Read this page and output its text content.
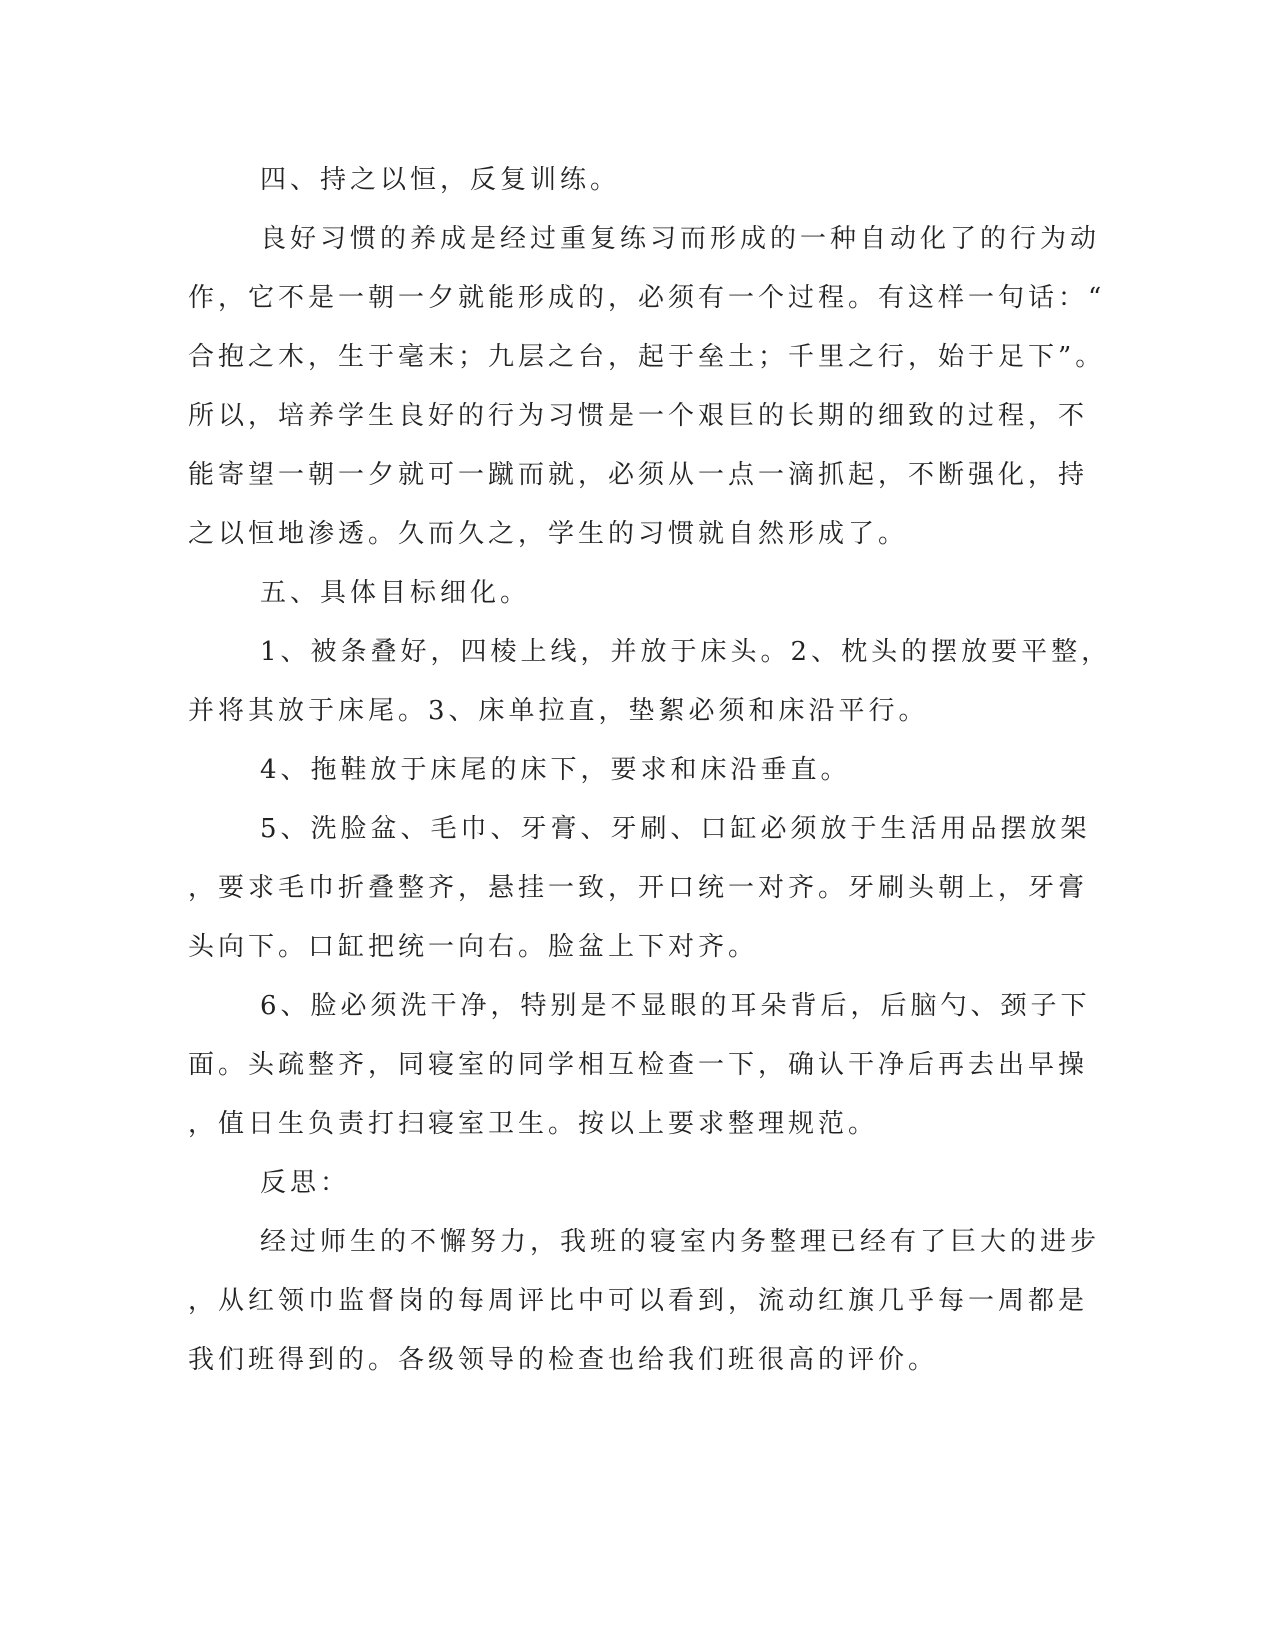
四、持之以恒，反复训练。
良好习惯的养成是经过重复练习而形成的一种自动化了的行为动
作，它不是一朝一夕就能形成的，必须有一个过程。有这样一句话：“
合抱之木，生于毫末；九层之台，起于垒土；千里之行，始于足下”。
所以，培养学生良好的行为习惯是一个艰巨的长期的细致的过程，不
能寄望一朝一夕就可一蹴而就，必须从一点一滴抓起，不断强化，持
之以恒地渗透。久而久之，学生的习惯就自然形成了。
五、具体目标细化。
1、被条叠好，四棱上线，并放于床头。2、枕头的摆放要平整，
并将其放于床尾。3、床单拉直，垫絮必须和床沿平行。
4、拖鞋放于床尾的床下，要求和床沿垂直。
5、洗脸盆、毛巾、牙膏、牙刷、口缸必须放于生活用品摆放架
，要求毛巾折叠整齐，悬挂一致，开口统一对齐。牙刷头朝上，牙膏
头向下。口缸把统一向右。脸盆上下对齐。
6、脸必须洗干净，特别是不显眼的耳朵背后，后脑勺、颈子下
面。头疏整齐，同寝室的同学相互检查一下，确认干净后再去出早操
，值日生负责打扫寝室卫生。按以上要求整理规范。
反思：
经过师生的不懈努力，我班的寝室内务整理已经有了巨大的进步
，从红领巾监督岗的每周评比中可以看到，流动红旗几乎每一周都是
我们班得到的。各级领导的检查也给我们班很高的评价。
